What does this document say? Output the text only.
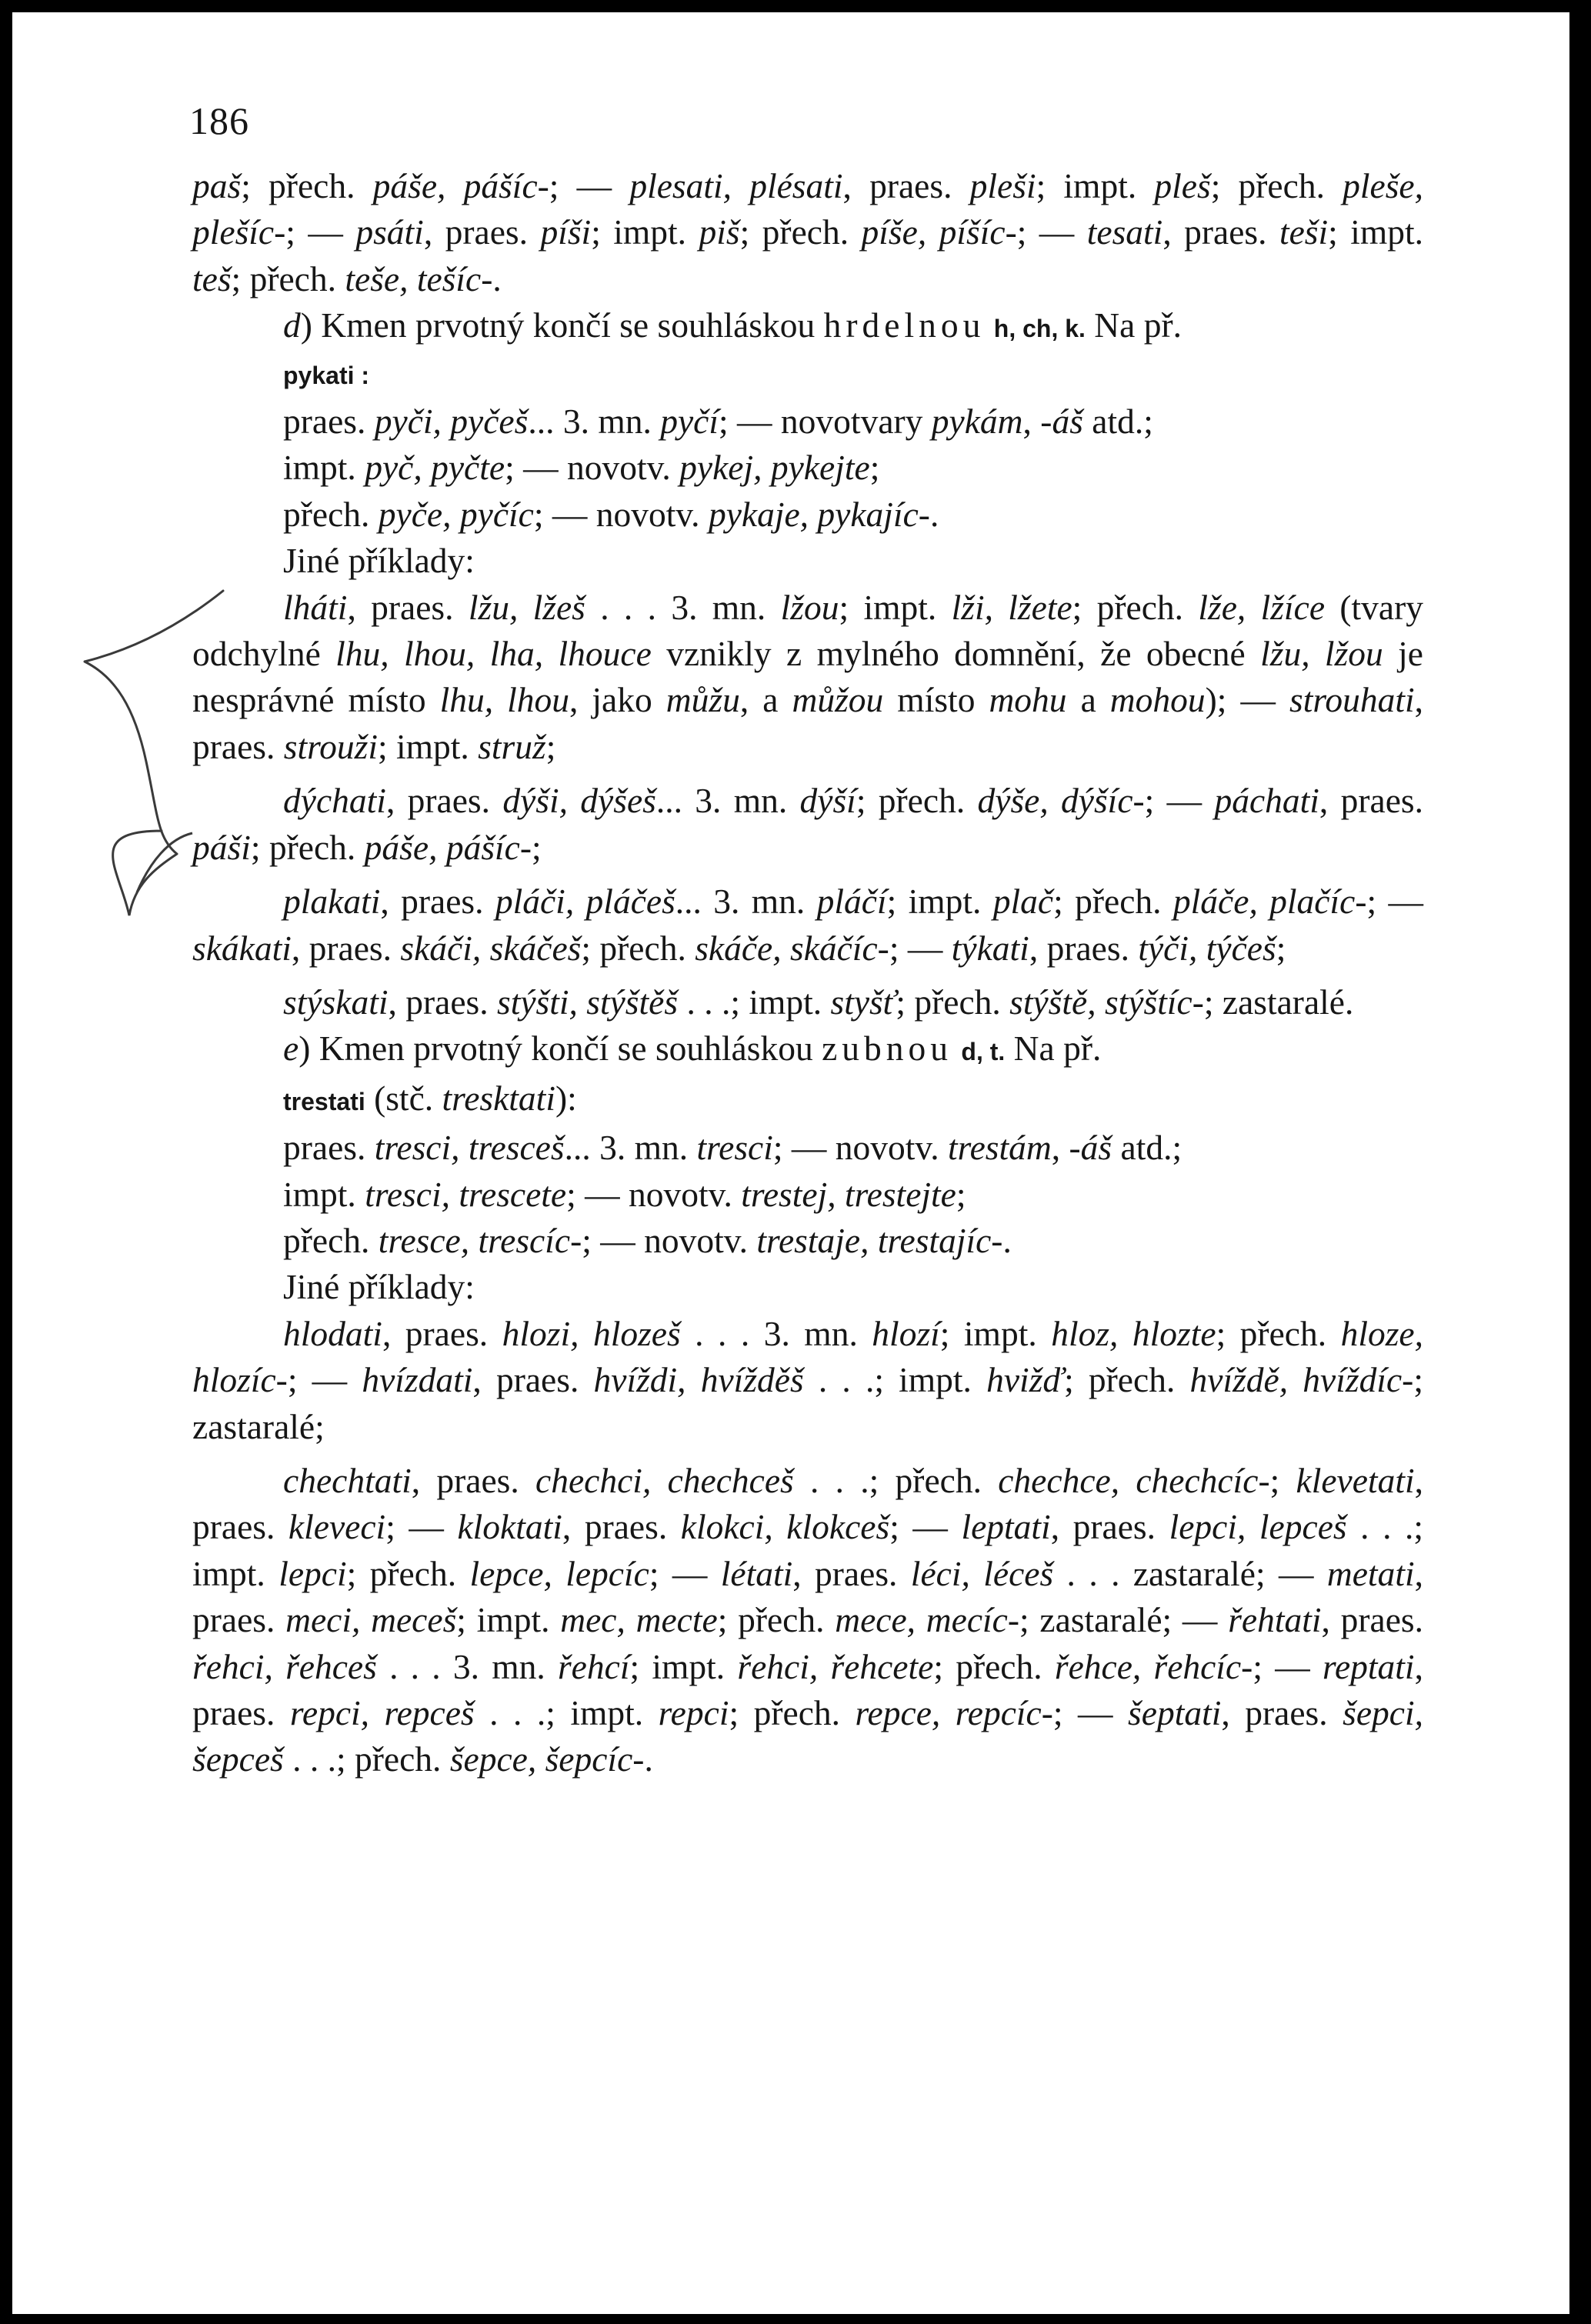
186

paš; přech. páše, pášíc-; — plesati, plésati, praes. pleši; impt. pleš; přech. pleše, plešíc-; — psáti, praes. píši; impt. piš; přech. píše, píšíc-; — tesati, praes. teši; impt. teš; přech. teše, tešíc-.

d) Kmen prvotný končí se souhláskou hrdelnou h, ch, k. Na př.

pykati :

praes. pyči, pyčeš... 3. mn. pyčí; — novotvary pykám, -áš atd.;

impt. pyč, pyčte; — novotv. pykej, pykejte;

přech. pyče, pyčíc; — novotv. pykaje, pykajíc-.

Jiné příklady:

lháti, praes. lžu, lžeš . . . 3. mn. lžou; impt. lži, lžete; přech. lže, lžíce (tvary odchylné lhu, lhou, lha, lhouce vznikly z mylného domnění, že obecné lžu, lžou je nesprávné místo lhu, lhou, jako můžu, a můžou místo mohu a mohou); — strouhati, praes. strouži; impt. struž;

dýchati, praes. dýši, dýšeš... 3. mn. dýší; přech. dýše, dýšíc-; — páchati, praes. páši; přech. páše, pášíc-;

plakati, praes. pláči, pláčeš... 3. mn. pláčí; impt. plač; přech. pláče, plačíc-; — skákati, praes. skáči, skáčeš; přech. skáče, skáčíc-; — týkati, praes. týči, týčeš;

stýskati, praes. stýšti, stýštěš . . .; impt. styšť; přech. stýště, stýštíc-; zastaralé.

e) Kmen prvotný končí se souhláskou zubnou d, t. Na př.

trestati (stč. tresktati):

praes. tresci, tresceš... 3. mn. tresci; — novotv. trestám, -áš atd.;

impt. tresci, trescete; — novotv. trestej, trestejte;

přech. tresce, trescíc-; — novotv. trestaje, trestajíc-.

Jiné příklady:

hlodati, praes. hlozi, hlozeš . . . 3. mn. hlozí; impt. hloz, hlozte; přech. hloze, hlozíc-; — hvízdati, praes. hvíždi, hvížděš . . .; impt. hvižď; přech. hvíždě, hvíždíc-; zastaralé;

chechtati, praes. chechci, chechceš . . .; přech. chechce, chechcíc-; klevetati, praes. kleveci; — kloktati, praes. klokci, klokceš; — leptati, praes. lepci, lepceš . . .; impt. lepci; přech. lepce, lepcíc; — létati, praes. léci, léceš . . . zastaralé; — metati, praes. meci, meceš; impt. mec, mecte; přech. mece, mecíc-; zastaralé; — řehtati, praes. řehci, řehceš . . . 3. mn. řehcí; impt. řehci, řehcete; přech. řehce, řehcíc-; — reptati, praes. repci, repceš . . .; impt. repci; přech. repce, repcíc-; — šeptati, praes. šepci, šepceš . . .; přech. šepce, šepcíc-.
